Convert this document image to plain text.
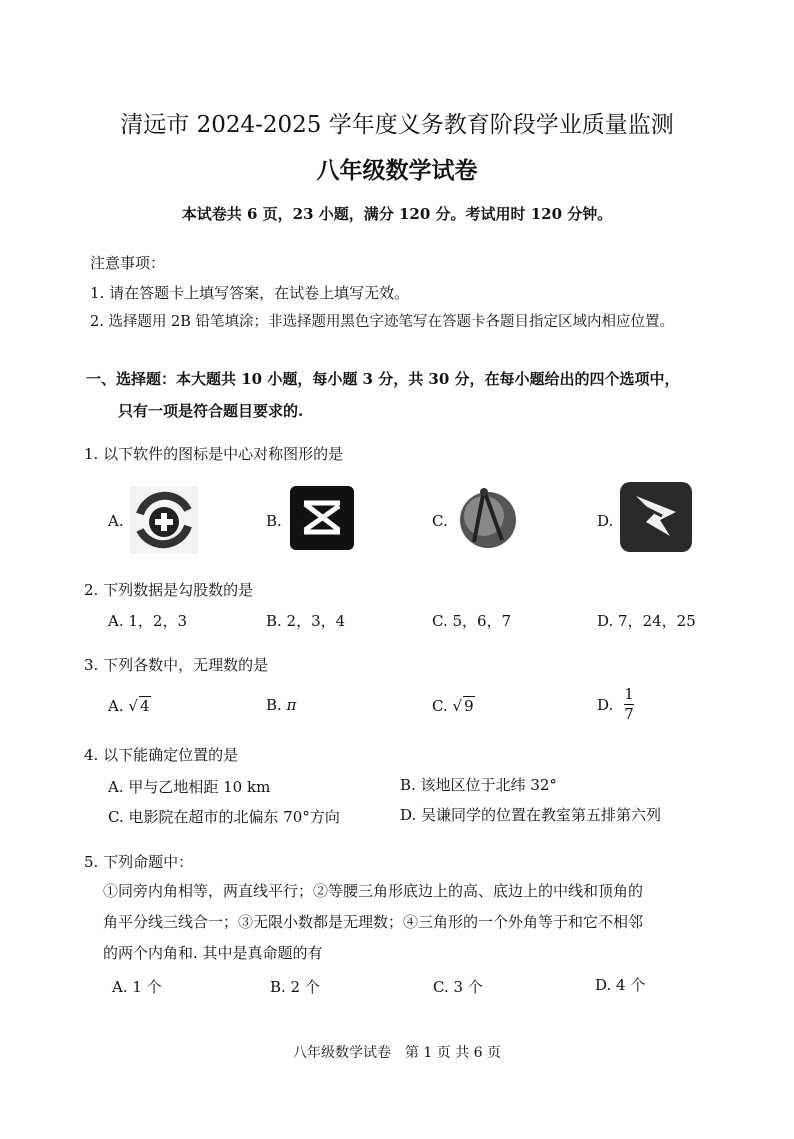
清远市 2024-2025 学年度义务教育阶段学业质量监测
八年级数学试卷
本试卷共 6 页，23 小题，满分 120 分。考试用时 120 分钟。
注意事项：
1. 请在答题卡上填写答案，在试卷上填写无效。
2. 选择题用 2B 铅笔填涂；非选择题用黑色字迹笔写在答题卡各题目指定区域内相应位置。
一、选择题：本大题共 10 小题，每小题 3 分，共 30 分，在每小题给出的四个选项中，
只有一项是符合题目要求的.
1. 以下软件的图标是中心对称图形的是
A.	B.	C.	D.
2. 下列数据是勾股数的是
A. 1，2，3	B. 2，3，4	C. 5，6，7	D. 7，24，25
3. 下列各数中，无理数的是
A. √ 4	B. π	C. √ 9	D.
1
7
4. 以下能确定位置的是
A. 甲与乙地相距 10 km	B. 该地区位于北纬 32°
C. 电影院在超市的北偏东 70°方向	D. 吴谦同学的位置在教室第五排第六列
5. 下列命题中：
①同旁内角相等，两直线平行；②等腰三角形底边上的高、底边上的中线和顶角的
角平分线三线合一；③无限小数都是无理数；④三角形的一个外角等于和它不相邻
的两个内角和. 其中是真命题的有
A. 1 个	B. 2 个	C. 3 个	D. 4 个
八年级数学试卷　第 1 页 共 6 页
